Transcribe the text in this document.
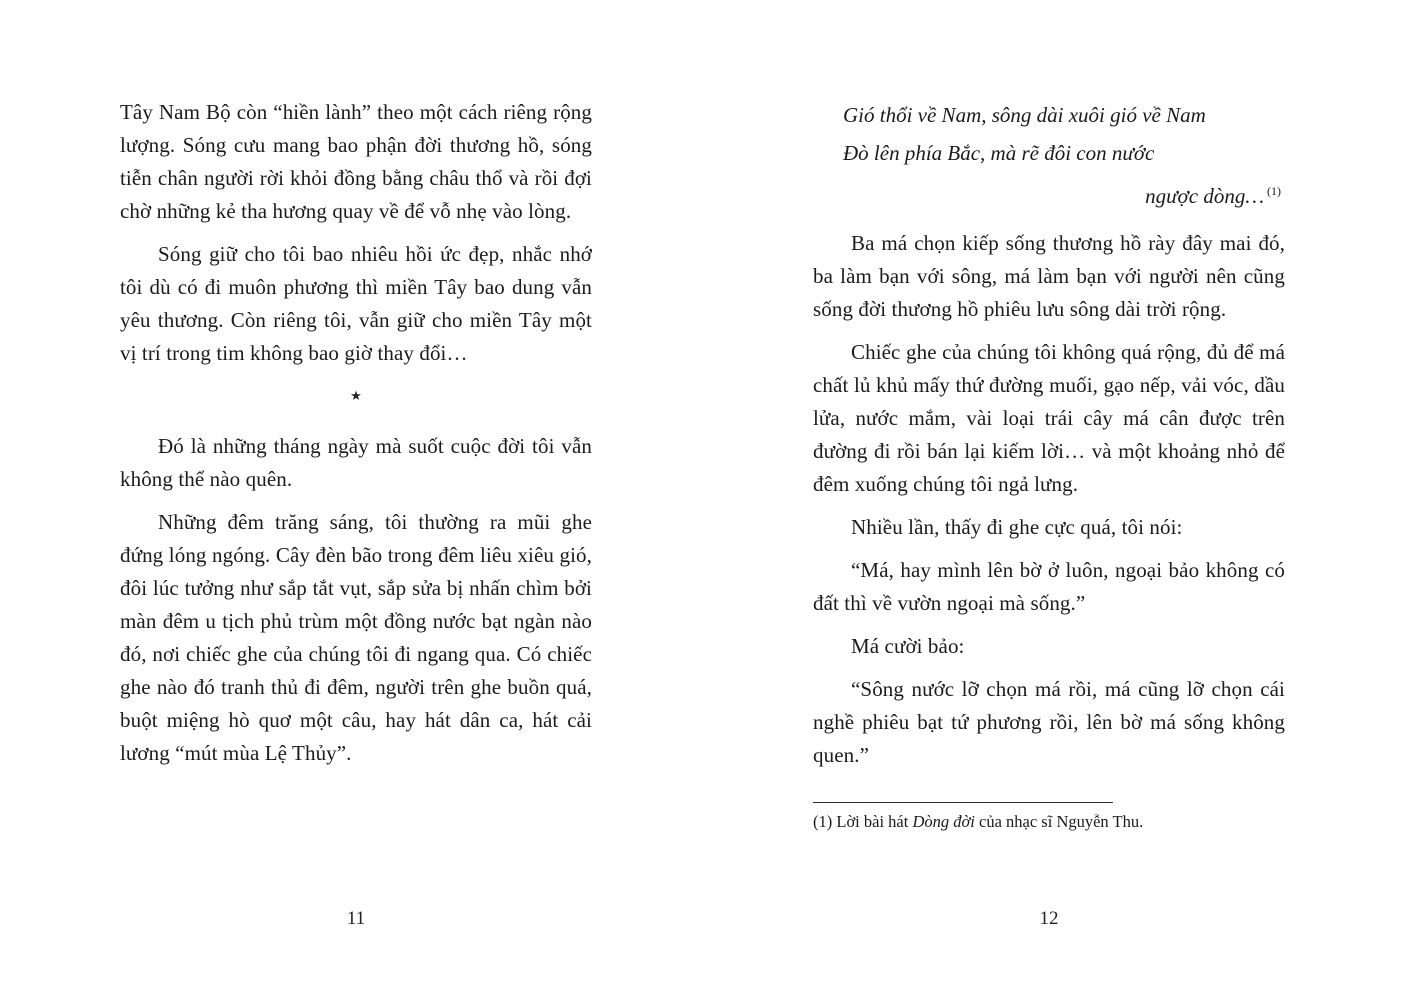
Tây Nam Bộ còn “hiền lành” theo một cách riêng rộng lượng. Sóng cưu mang bao phận đời thương hồ, sóng tiễn chân người rời khỏi đồng bằng châu thổ và rồi đợi chờ những kẻ tha hương quay về để vỗ nhẹ vào lòng.

Sóng giữ cho tôi bao nhiêu hồi ức đẹp, nhắc nhớ tôi dù có đi muôn phương thì miền Tây bao dung vẫn yêu thương. Còn riêng tôi, vẫn giữ cho miền Tây một vị trí trong tim không bao giờ thay đổi…

★

Đó là những tháng ngày mà suốt cuộc đời tôi vẫn không thể nào quên.

Những đêm trăng sáng, tôi thường ra mũi ghe đứng lóng ngóng. Cây đèn bão trong đêm liêu xiêu gió, đôi lúc tưởng như sắp tắt vụt, sắp sửa bị nhấn chìm bởi màn đêm u tịch phủ trùm một đồng nước bạt ngàn nào đó, nơi chiếc ghe của chúng tôi đi ngang qua. Có chiếc ghe nào đó tranh thủ đi đêm, người trên ghe buồn quá, buột miệng hò quơ một câu, hay hát dân ca, hát cải lương “mút mùa Lệ Thủy”.

Gió thổi về Nam, sông dài xuôi gió về Nam

Đò lên phía Bắc, mà rẽ đôi con nước

ngược dòng… $^{(1)}$

Ba má chọn kiếp sống thương hồ rày đây mai đó, ba làm bạn với sông, má làm bạn với người nên cũng sống đời thương hồ phiêu lưu sông dài trời rộng.

Chiếc ghe của chúng tôi không quá rộng, đủ để má chất lủ khủ mấy thứ đường muối, gạo nếp, vải vóc, dầu lửa, nước mắm, vài loại trái cây má cân được trên đường đi rồi bán lại kiếm lời… và một khoảng nhỏ để đêm xuống chúng tôi ngả lưng.

Nhiều lần, thấy đi ghe cực quá, tôi nói:

“Má, hay mình lên bờ ở luôn, ngoại bảo không có đất thì về vườn ngoại mà sống.”

Má cười bảo:

“Sông nước lỡ chọn má rồi, má cũng lỡ chọn cái nghề phiêu bạt tứ phương rồi, lên bờ má sống không quen.”

(1) Lời bài hát Dòng đời của nhạc sĩ Nguyễn Thu.

11	12
